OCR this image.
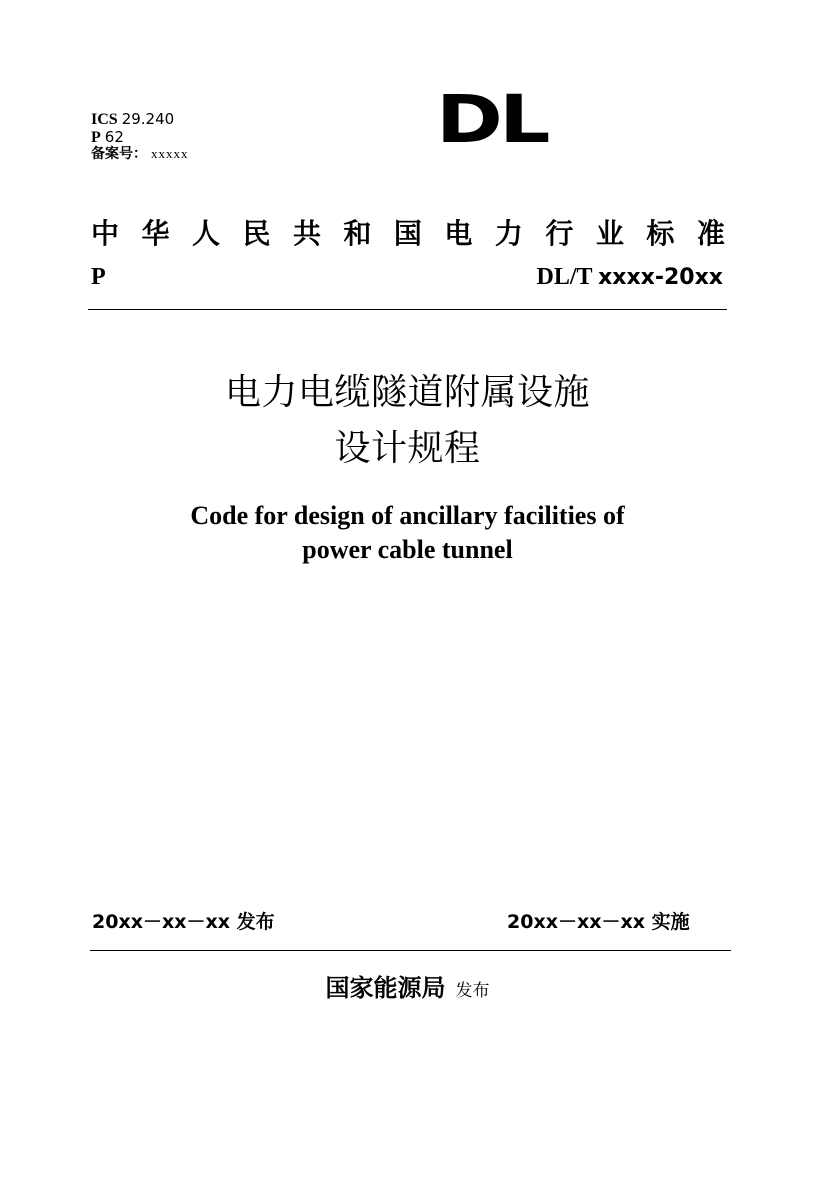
ICS 29.240
P 62
备案号： xxxxx	DL
中 华 人 民 共 和 国 电 力 行 业 标 准
P	DL/T xxxx-20xx
电力电缆隧道附属设施
设计规程
Code for design of ancillary facilities of
power cable tunnel
20xx－xx－xx 发布	20xx－xx－xx 实施
国家能源局 发布
